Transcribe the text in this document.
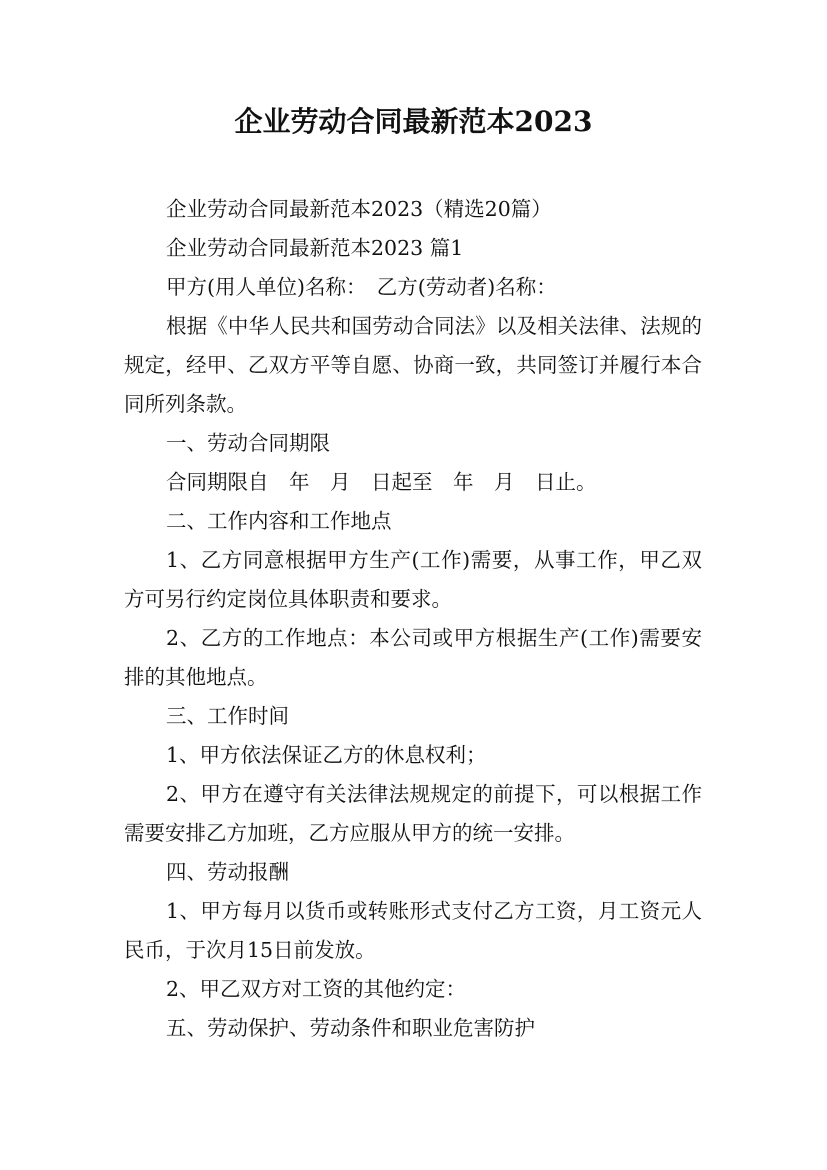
企业劳动合同最新范本2023

企业劳动合同最新范本2023（精选20篇）

企业劳动合同最新范本2023 篇1

甲方(用人单位)名称：　乙方(劳动者)名称：

根据《中华人民共和国劳动合同法》以及相关法律、法规的规定，经甲、乙双方平等自愿、协商一致，共同签订并履行本合同所列条款。

一、劳动合同期限

合同期限自　年　月　日起至　年　月　日止。

二、工作内容和工作地点

1、乙方同意根据甲方生产(工作)需要，从事工作，甲乙双方可另行约定岗位具体职责和要求。

2、乙方的工作地点：本公司或甲方根据生产(工作)需要安排的其他地点。

三、工作时间

1、甲方依法保证乙方的休息权利；

2、甲方在遵守有关法律法规规定的前提下，可以根据工作需要安排乙方加班，乙方应服从甲方的统一安排。

四、劳动报酬

1、甲方每月以货币或转账形式支付乙方工资，月工资元人民币，于次月15日前发放。

2、甲乙双方对工资的其他约定：

五、劳动保护、劳动条件和职业危害防护
